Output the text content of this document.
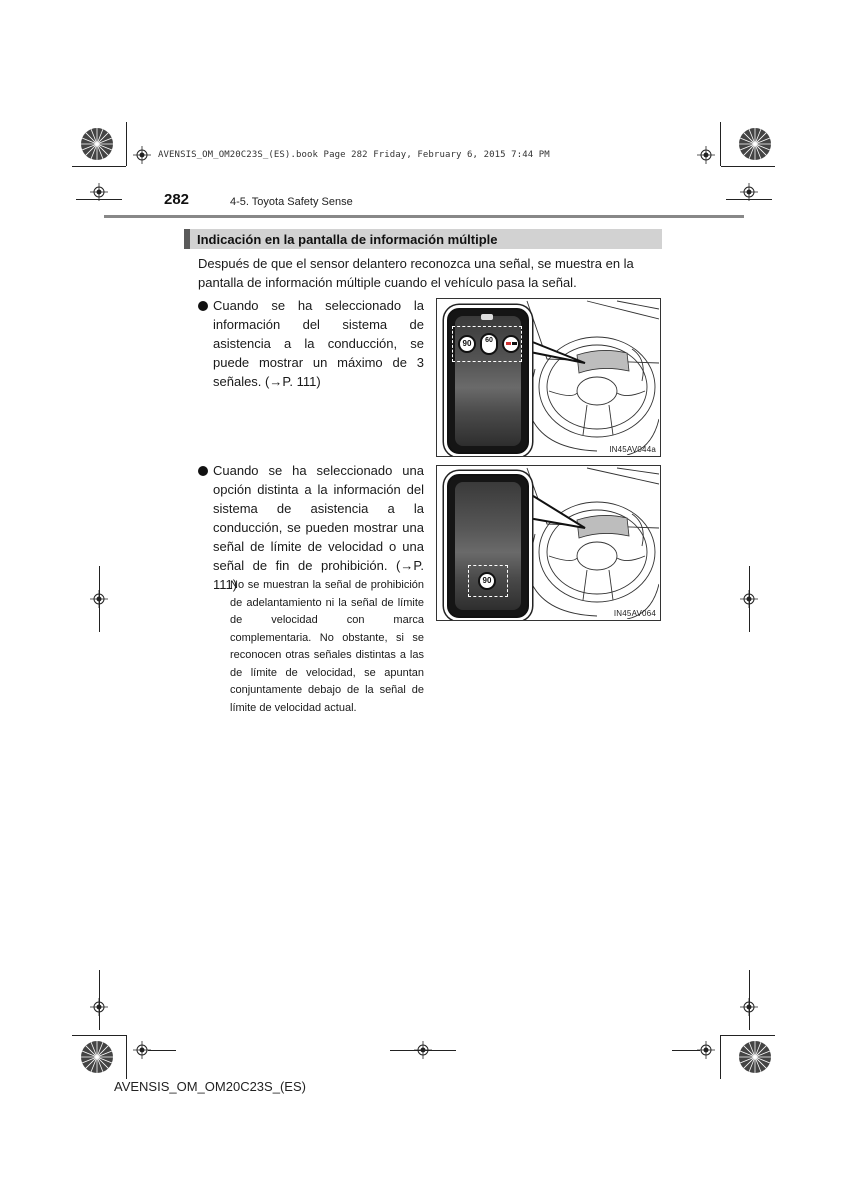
AVENSIS_OM_OM20C23S_(ES).book Page 282 Friday, February 6, 2015 7:44 PM
282	4-5. Toyota Safety Sense
Indicación en la pantalla de información múltiple
Después de que el sensor delantero reconozca una señal, se muestra en la pantalla de información múltiple cuando el vehículo pasa la señal.
Cuando se ha seleccionado la información del sistema de asistencia a la conducción, se puede mostrar un máximo de 3 señales. (→P. 111)
90	60
IN45AV044a
Cuando se ha seleccionado una opción distinta a la información del sistema de asistencia a la conducción, se pueden mostrar una señal de límite de velocidad o una señal de fin de prohibición. (→P. 111)
No se muestran la señal de prohibición de adelantamiento ni la señal de límite de velocidad con marca complementaria. No obstante, si se reconocen otras señales distintas a las de límite de velocidad, se apuntan conjuntamente debajo de la señal de límite de velocidad actual.
90
IN45AV064
AVENSIS_OM_OM20C23S_(ES)
